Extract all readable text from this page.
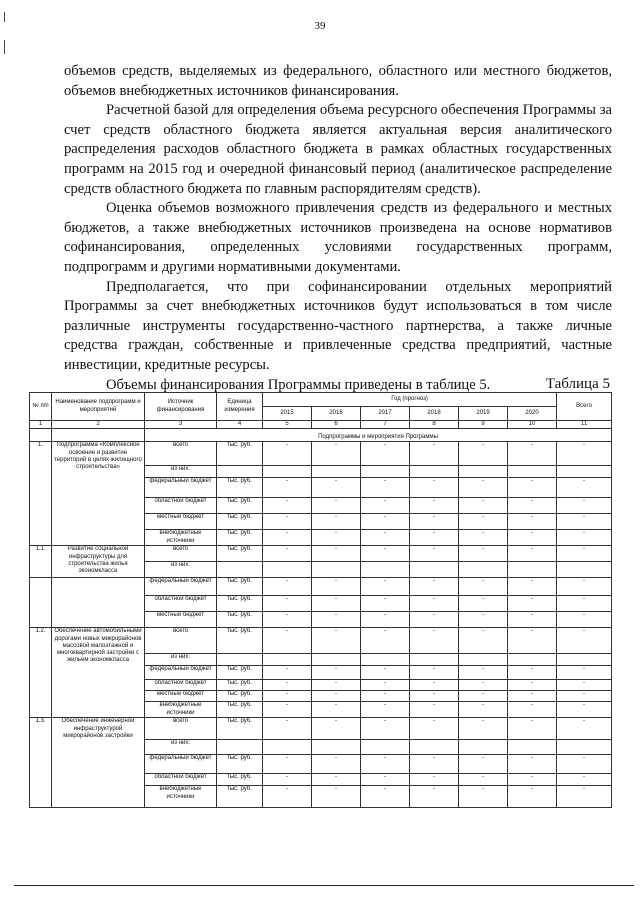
39

объемов средств, выделяемых из федерального, областного или местного бюджетов, объемов внебюджетных источников финансирования.

Расчетной базой для определения объема ресурсного обеспечения Программы за счет средств областного бюджета является актуальная версия аналитического распределения расходов областного бюджета в рамках областных государственных программ на 2015 год и очередной финансовый период (аналитическое распределение средств областного бюджета по главным распорядителям средств).

Оценка объемов возможного привлечения средств из федерального и местных бюджетов, а также внебюджетных источников произведена на основе нормативов софинансирования, определенных условиями государственных программ, подпрограмм и другими нормативными документами.

Предполагается, что при софинансировании отдельных мероприятий Программы за счет внебюджетных источников будут использоваться в том числе различные инструменты государственно-частного партнерства, а также личные средства граждан, собственные и привлеченные средства предприятий, частные инвестиции, кредитные ресурсы.

Объемы финансирования Программы приведены в таблице 5.	Таблица 5
№ п/п	Наименование подпрограмм и мероприятий	Источник финансирования	Единица измерения	Год (прогноз)						Всего
				2015	2016	2017	2018	2019	2020	
1	2	3	4	5	6	7	8	9	10	11
		Подпрограммы и мероприятия Программы								
1.	Подпрограмма «Комплексное освоение и развитие территорий в целях жилищного строительства»	всего	тыс. руб.	-	-	-	-	-	-	-
		из них:								
		федеральный бюджет	тыс. руб.	-	-	-	-	-	-	-
		областной бюджет	тыс. руб.	-	-	-	-	-	-	-
		местный бюджет	тыс. руб.	-	-	-	-	-	-	-
		внебюджетные источники	тыс. руб.	-	-	-	-	-	-	-
1.1.	Развитие социальной инфраструктуры для строительства жилья экономкласса	всего	тыс. руб.	-	-	-	-	-	-	-
		из них:								
		федеральный бюджет	тыс. руб.	-	-	-	-	-	-	-
		областной бюджет	тыс. руб.	-	-	-	-	-	-	-
		местный бюджет	тыс. руб.	-	-	-	-	-	-	-
1.2.	Обеспечение автомобильными дорогами новых микрорайонов массовой малоэтажной и многоквартирной застройки с жильем экономкласса	всего	тыс. руб.	-	-	-	-	-	-	-
		из них:								
		федеральный бюджет	тыс. руб.	-	-	-	-	-	-	-
		областной бюджет	тыс. руб.	-	-	-	-	-	-	-
		местный бюджет	тыс. руб.	-	-	-	-	-	-	-
		внебюджетные источники	тыс. руб.	-	-	-	-	-	-	-
1.3.	Обеспечение инженерной инфраструктурой микрорайонов застройки	всего	тыс. руб.	-	-	-	-	-	-	-
		из них:								
		федеральный бюджет	тыс. руб.	-	-	-	-	-	-	-
		областной бюджет	тыс. руб.	-	-	-	-	-	-	-
		внебюджетные источники	тыс. руб.	-	-	-	-	-	-	-
